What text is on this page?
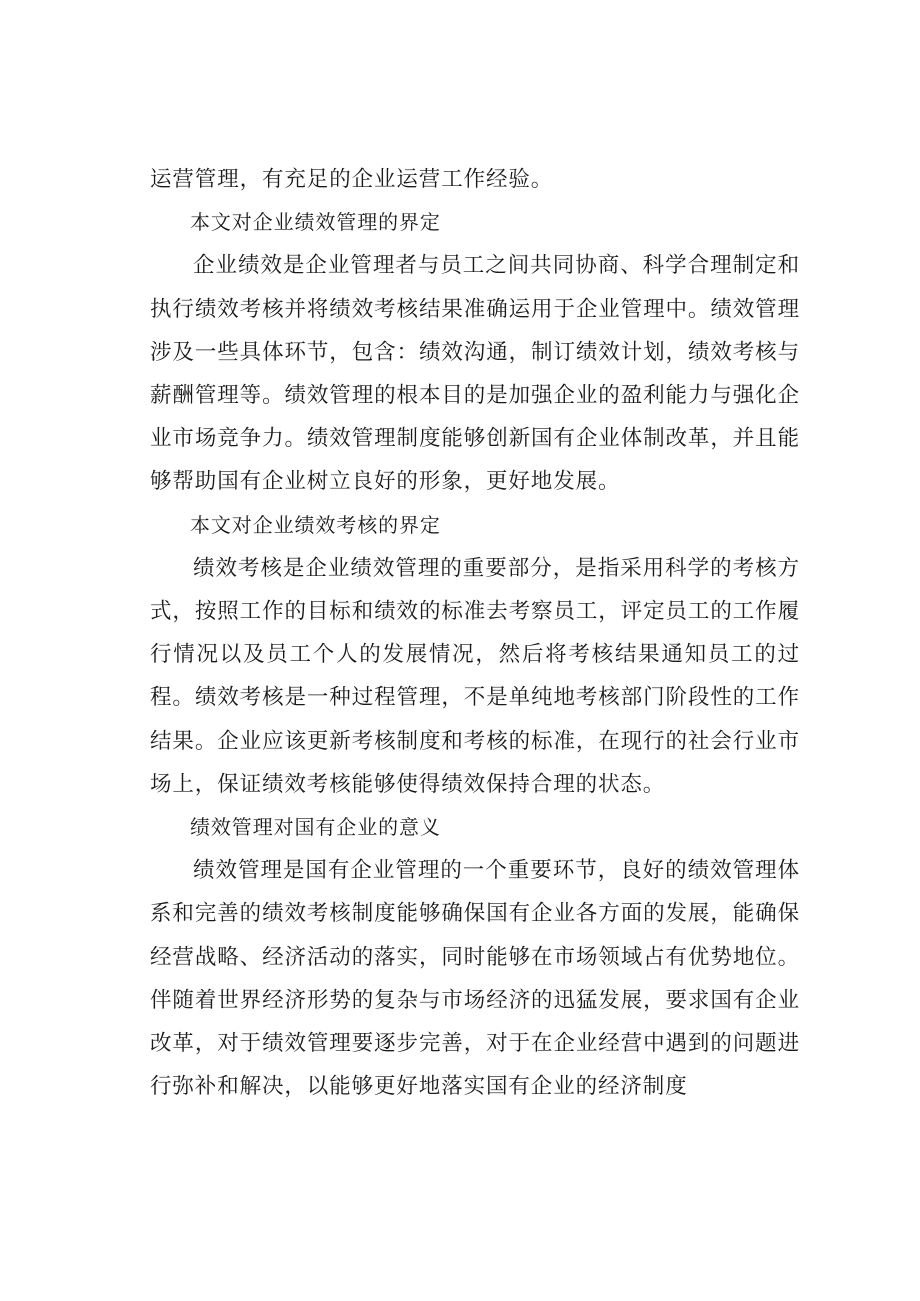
运营管理，有充足的企业运营工作经验。

本文对企业绩效管理的界定

企业绩效是企业管理者与员工之间共同协商、科学合理制定和执行绩效考核并将绩效考核结果准确运用于企业管理中。绩效管理涉及一些具体环节，包含：绩效沟通，制订绩效计划，绩效考核与薪酬管理等。绩效管理的根本目的是加强企业的盈利能力与强化企业市场竞争力。绩效管理制度能够创新国有企业体制改革，并且能够帮助国有企业树立良好的形象，更好地发展。

本文对企业绩效考核的界定

绩效考核是企业绩效管理的重要部分，是指采用科学的考核方式，按照工作的目标和绩效的标准去考察员工，评定员工的工作履行情况以及员工个人的发展情况，然后将考核结果通知员工的过程。绩效考核是一种过程管理，不是单纯地考核部门阶段性的工作结果。企业应该更新考核制度和考核的标准，在现行的社会行业市场上，保证绩效考核能够使得绩效保持合理的状态。

绩效管理对国有企业的意义

绩效管理是国有企业管理的一个重要环节，良好的绩效管理体系和完善的绩效考核制度能够确保国有企业各方面的发展，能确保经营战略、经济活动的落实，同时能够在市场领域占有优势地位。伴随着世界经济形势的复杂与市场经济的迅猛发展，要求国有企业改革，对于绩效管理要逐步完善，对于在企业经营中遇到的问题进行弥补和解决，以能够更好地落实国有企业的经济制度
